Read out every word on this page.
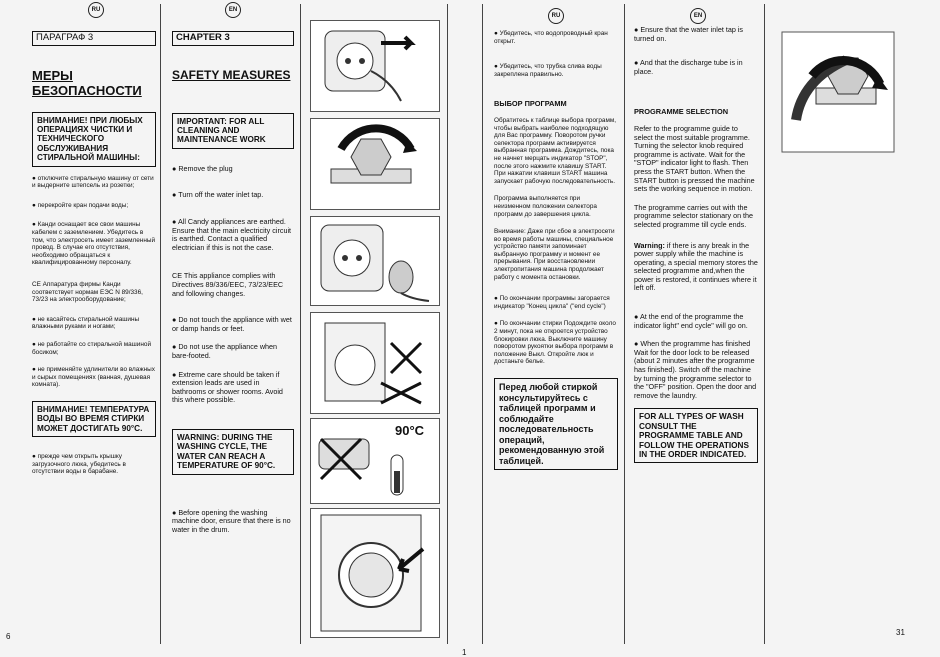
RU	EN
ПАРАГРАФ 3
МЕРЫ БЕЗОПАСНОСТИ
ВНИМАНИЕ! ПРИ ЛЮБЫХ ОПЕРАЦИЯХ ЧИСТКИ И ТЕХНИЧЕСКОГО ОБСЛУЖИВАНИЯ СТИРАЛЬНОЙ МАШИНЫ:

● отключите стиральную машину от сети и выдерните штепсель из розетки;

● перекройте кран подачи воды;

● Канди оснащает все свои машины кабелем с заземлением. Убедитесь в том, что электросеть имеет заземленный провод. В случае его отсутствия, необходимо обращаться к квалифицированному персоналу.

CE Аппаратура фирмы Канди соответствует нормам ЕЭС N 89/336, 73/23 на электрооборудование;

● не касайтесь стиральной машины влажными руками и ногами;

● не работайте со стиральной машиной босиком;

● не применяйте удлинители во влажных и сырых помещениях (ванная, душевая комната).

ВНИМАНИЕ! ТЕМПЕРАТУРА ВОДЫ ВО ВРЕМЯ СТИРКИ МОЖЕТ ДОСТИГАТЬ 90°С.

● прежде чем открыть крышку загрузочного люка, убедитесь в отсутствии воды в барабане.

CHAPTER 3
SAFETY MEASURES
IMPORTANT: FOR ALL CLEANING AND MAINTENANCE WORK

● Remove the plug

● Turn off the water inlet tap.

● All Candy appliances are earthed. Ensure that the main electricity circuit is earthed. Contact a qualified electrician if this is not the case.

CE This appliance complies with Directives 89/336/EEC, 73/23/EEC and following changes.

● Do not touch the appliance with wet or damp hands or feet.

● Do not use the appliance when bare-footed.

● Extreme care should be taken if extension leads are used in bathrooms or shower rooms. Avoid this where possible.

WARNING: DURING THE WASHING CYCLE, THE WATER CAN REACH A TEMPERATURE OF 90°C.

● Before opening the washing machine door, ensure that there is no water in the drum.

90°C
6
1
RU	EN

● Убедитесь, что водопроводный кран открыт.

● Убедитесь, что трубка слива воды закреплена правильно.

ВЫБОР ПРОГРАММ

Обратитесь к таблице выбора программ, чтобы выбрать наиболее подходящую для Вас программу. Поворотом ручки селектора программ активируется выбранная программа. Дождитесь, пока не начнет мерцать индикатор "STOP", после этого нажмите клавишу START. При нажатии клавиши START машина запускает рабочую последовательность.

Программа выполняется при неизменном положении селектора программ до завершения цикла.

Внимание: Даже при сбое в электросети во время работы машины, специальное устройство памяти запоминает выбранную программу и момент ее прерывания. При восстановлении электропитания машина продолжает работу с момента остановки.

● По окончании программы загорается индикатор "Конец цикла" ("end cycle")

● По окончании стирки Подождите около 2 минут, пока не откроется устройство блокировки люка. Выключите машину поворотом рукоятки выбора программ в положение Выкл. Откройте люк и достаньте белье.

Перед любой стиркой консультируйтесь с таблицей программ и соблюдайте последовательность операций, рекомендованную этой таблицей.

● Ensure that the water inlet tap is turned on.

● And that the discharge tube is in place.

PROGRAMME SELECTION

Refer to the programme guide to select the most suitable programme. Turning the selector knob required programme is activate. Wait for the "STOP" indicator light to flash. Then press the START button. When the START button is pressed the machine sets the working sequence in motion.

The programme carries out with the programme selector stationary on the selected programme till cycle ends.

Warning: if there is any break in the power supply while the machine is operating, a special memory stores the selected programme and,when the power is restored, it continues where it left off.

● At the end of the programme the indicator light" end cycle" will go on.

● When the programme has finished Wait for the door lock to be released (about 2 minutes after the programme has finished). Switch off the machine by turning the programme selector to the "OFF" position. Open the door and remove the laundry.

FOR ALL TYPES OF WASH CONSULT THE PROGRAMME TABLE AND FOLLOW THE OPERATIONS IN THE ORDER INDICATED.
31
